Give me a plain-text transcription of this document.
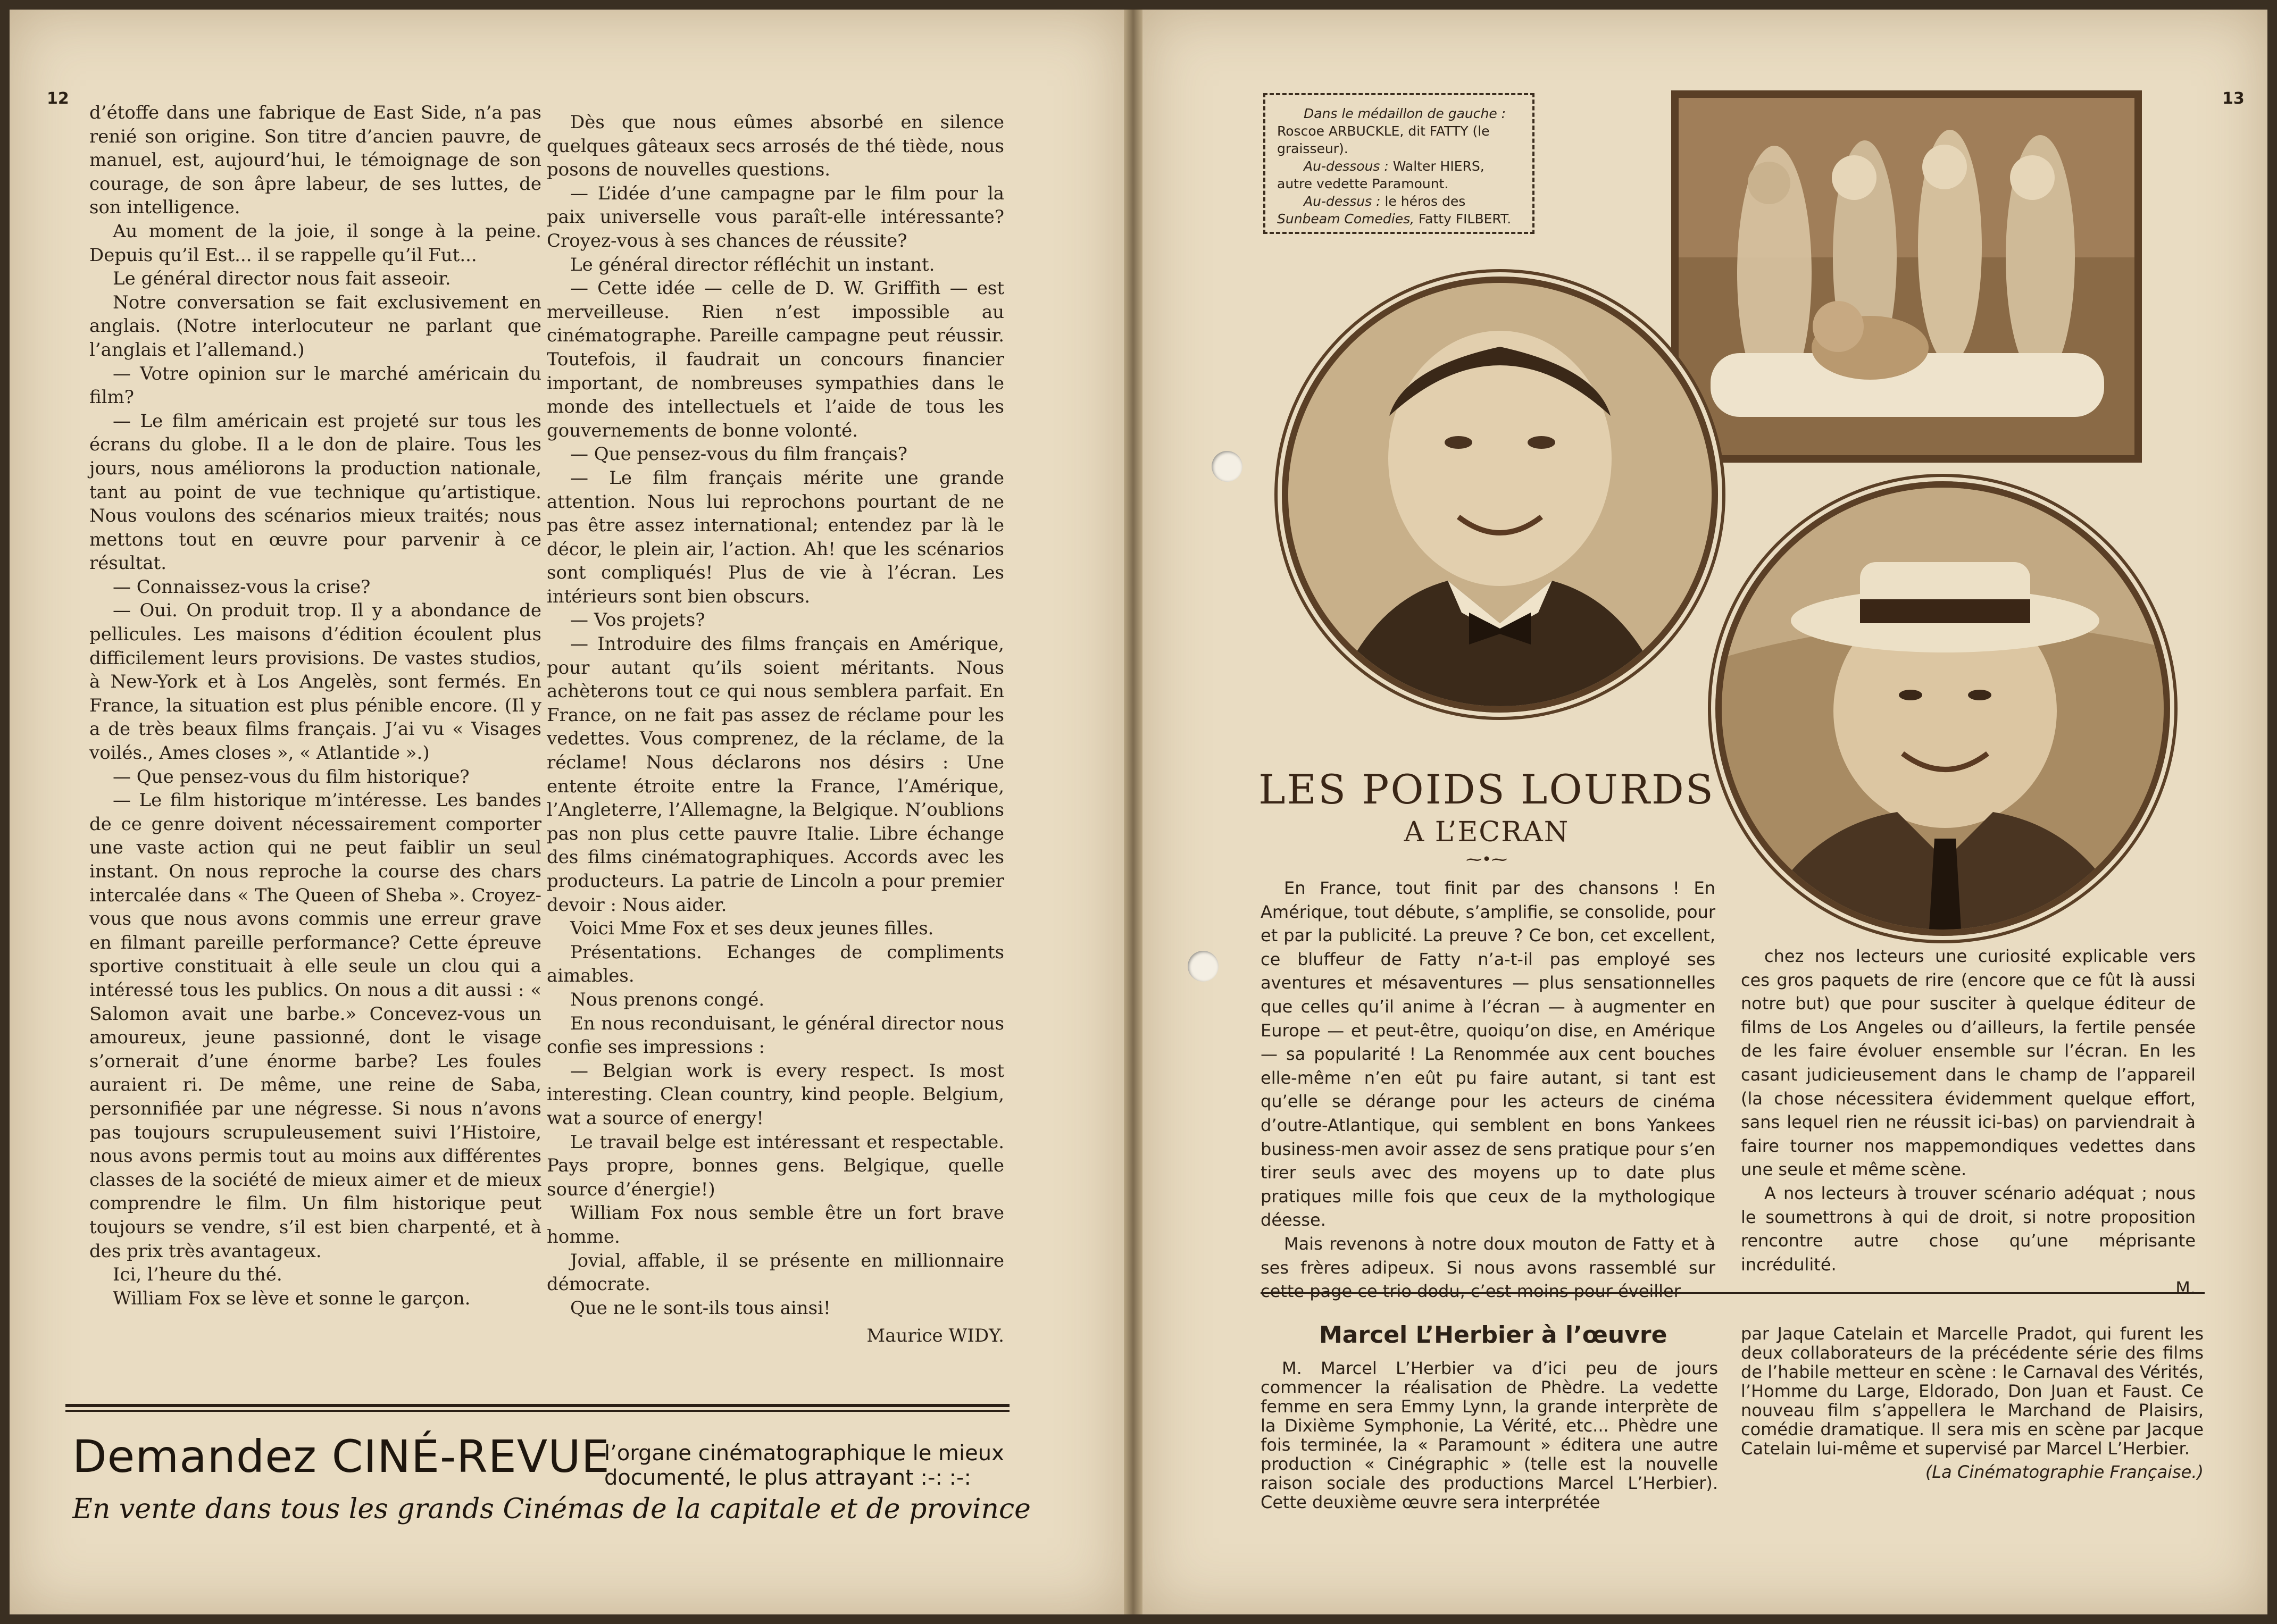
12

d’étoffe dans une fabrique de East Side, n’a pas renié son origine. Son titre d’ancien pauvre, de manuel, est, aujourd’hui, le témoignage de son courage, de son âpre labeur, de ses luttes, de son intelligence.

Au moment de la joie, il songe à la peine. Depuis qu’il Est... il se rappelle qu’il Fut...

Le général director nous fait asseoir.

Notre conversation se fait exclusivement en anglais. (Notre interlocuteur ne parlant que l’anglais et l’allemand.)

— Votre opinion sur le marché américain du film?

— Le film américain est projeté sur tous les écrans du globe. Il a le don de plaire. Tous les jours, nous améliorons la production nationale, tant au point de vue technique qu’artistique. Nous voulons des scénarios mieux traités; nous mettons tout en œuvre pour parvenir à ce résultat.

— Connaissez-vous la crise?

— Oui. On produit trop. Il y a abondance de pellicules. Les maisons d’édition écoulent plus difficilement leurs provisions. De vastes studios, à New-York et à Los Angelès, sont fermés. En France, la situation est plus pénible encore. (Il y a de très beaux films français. J’ai vu « Visages voilés., Ames closes », « Atlantide ».)

— Que pensez-vous du film historique?

— Le film historique m’intéresse. Les bandes de ce genre doivent nécessairement comporter une vaste action qui ne peut faiblir un seul instant. On nous reproche la course des chars intercalée dans « The Queen of Sheba ». Croyez-vous que nous avons commis une erreur grave en filmant pareille performance? Cette épreuve sportive constituait à elle seule un clou qui a intéressé tous les publics. On nous a dit aussi : « Salomon avait une barbe.» Concevez-vous un amoureux, jeune passionné, dont le visage s’ornerait d’une énorme barbe? Les foules auraient ri. De même, une reine de Saba, personnifiée par une négresse. Si nous n’avons pas toujours scrupuleusement suivi l’Histoire, nous avons permis tout au moins aux différentes classes de la société de mieux aimer et de mieux comprendre le film. Un film historique peut toujours se vendre, s’il est bien charpenté, et à des prix très avantageux.

Ici, l’heure du thé.

William Fox se lève et sonne le garçon.

Dès que nous eûmes absorbé en silence quelques gâteaux secs arrosés de thé tiède, nous posons de nouvelles questions.

— L’idée d’une campagne par le film pour la paix universelle vous paraît-elle intéressante? Croyez-vous à ses chances de réussite?

Le général director réfléchit un instant.

— Cette idée — celle de D. W. Griffith — est merveilleuse. Rien n’est impossible au cinématographe. Pareille campagne peut réussir. Toutefois, il faudrait un concours financier important, de nombreuses sympathies dans le monde des intellectuels et l’aide de tous les gouvernements de bonne volonté.

— Que pensez-vous du film français?

— Le film français mérite une grande attention. Nous lui reprochons pourtant de ne pas être assez international; entendez par là le décor, le plein air, l’action. Ah! que les scénarios sont compliqués! Plus de vie à l’écran. Les intérieurs sont bien obscurs.

— Vos projets?

— Introduire des films français en Amérique, pour autant qu’ils soient méritants. Nous achèterons tout ce qui nous semblera parfait. En France, on ne fait pas assez de réclame pour les vedettes. Vous comprenez, de la réclame, de la réclame! Nous déclarons nos désirs : Une entente étroite entre la France, l’Amérique, l’Angleterre, l’Allemagne, la Belgique. N’oublions pas non plus cette pauvre Italie. Libre échange des films cinématographiques. Accords avec les producteurs. La patrie de Lincoln a pour premier devoir : Nous aider.

Voici Mme Fox et ses deux jeunes filles.

Présentations. Echanges de compliments aimables.

Nous prenons congé.

En nous reconduisant, le général director nous confie ses impressions :

— Belgian work is every respect. Is most interesting. Clean country, kind people. Belgium, wat a source of energy!

Le travail belge est intéressant et respectable. Pays propre, bonnes gens. Belgique, quelle source d’énergie!)

William Fox nous semble être un fort brave homme.

Jovial, affable, il se présente en millionnaire démocrate.

Que ne le sont-ils tous ainsi!

Maurice WIDY.

Demandez CINÉ-REVUE
l’organe cinématographique le mieux documenté, le plus attrayant :-: :-:
En vente dans tous les grands Cinémas de la capitale et de province
13

Dans le médaillon de gauche : Roscoe ARBUCKLE, dit FATTY (le graisseur).

Au-dessous : Walter HIERS, autre vedette Paramount.

Au-dessus : le héros des Sunbeam Comedies, Fatty FILBERT.

LES POIDS LOURDS
A L’ECRAN
⁓•⁓

En France, tout finit par des chansons ! En Amérique, tout débute, s’amplifie, se consolide, pour et par la publicité. La preuve ? Ce bon, cet excellent, ce bluffeur de Fatty n’a-t-il pas employé ses aventures et mésaventures — plus sensationnelles que celles qu’il anime à l’écran — à augmenter en Europe — et peut-être, quoiqu’on dise, en Amérique — sa popularité ! La Renommée aux cent bouches elle-même n’en eût pu faire autant, si tant est qu’elle se dérange pour les acteurs de cinéma d’outre-Atlantique, qui semblent en bons Yankees business-men avoir assez de sens pratique pour s’en tirer seuls avec des moyens up to date plus pratiques mille fois que ceux de la mythologique déesse.

Mais revenons à notre doux mouton de Fatty et à ses frères adipeux. Si nous avons rassemblé sur cette page ce trio dodu, c’est moins pour éveiller

chez nos lecteurs une curiosité explicable vers ces gros paquets de rire (encore que ce fût là aussi notre but) que pour susciter à quelque éditeur de films de Los Angeles ou d’ailleurs, la fertile pensée de les faire évoluer ensemble sur l’écran. En les casant judicieusement dans le champ de l’appareil (la chose nécessitera évidemment quelque effort, sans lequel rien ne réussit ici-bas) on parviendrait à faire tourner nos mappemondiques vedettes dans une seule et même scène.

A nos lecteurs à trouver scénario adéquat ; nous le soumettrons à qui de droit, si notre proposition rencontre autre chose qu’une méprisante incrédulité.

M.

Marcel L’Herbier à l’œuvre

M. Marcel L’Herbier va d’ici peu de jours commencer la réalisation de Phèdre. La vedette femme en sera Emmy Lynn, la grande interprète de la Dixième Symphonie, La Vérité, etc... Phèdre une fois terminée, la « Paramount » éditera une autre production « Cinégraphic » (telle est la nouvelle raison sociale des productions Marcel L’Herbier). Cette deuxième œuvre sera interprétée

par Jaque Catelain et Marcelle Pradot, qui furent les deux collaborateurs de la précédente série des films de l’habile metteur en scène : le Carnaval des Vérités, l’Homme du Large, Eldorado, Don Juan et Faust. Ce nouveau film s’appellera le Marchand de Plaisirs, comédie dramatique. Il sera mis en scène par Jacque Catelain lui-même et supervisé par Marcel L’Herbier.

(La Cinématographie Française.)
